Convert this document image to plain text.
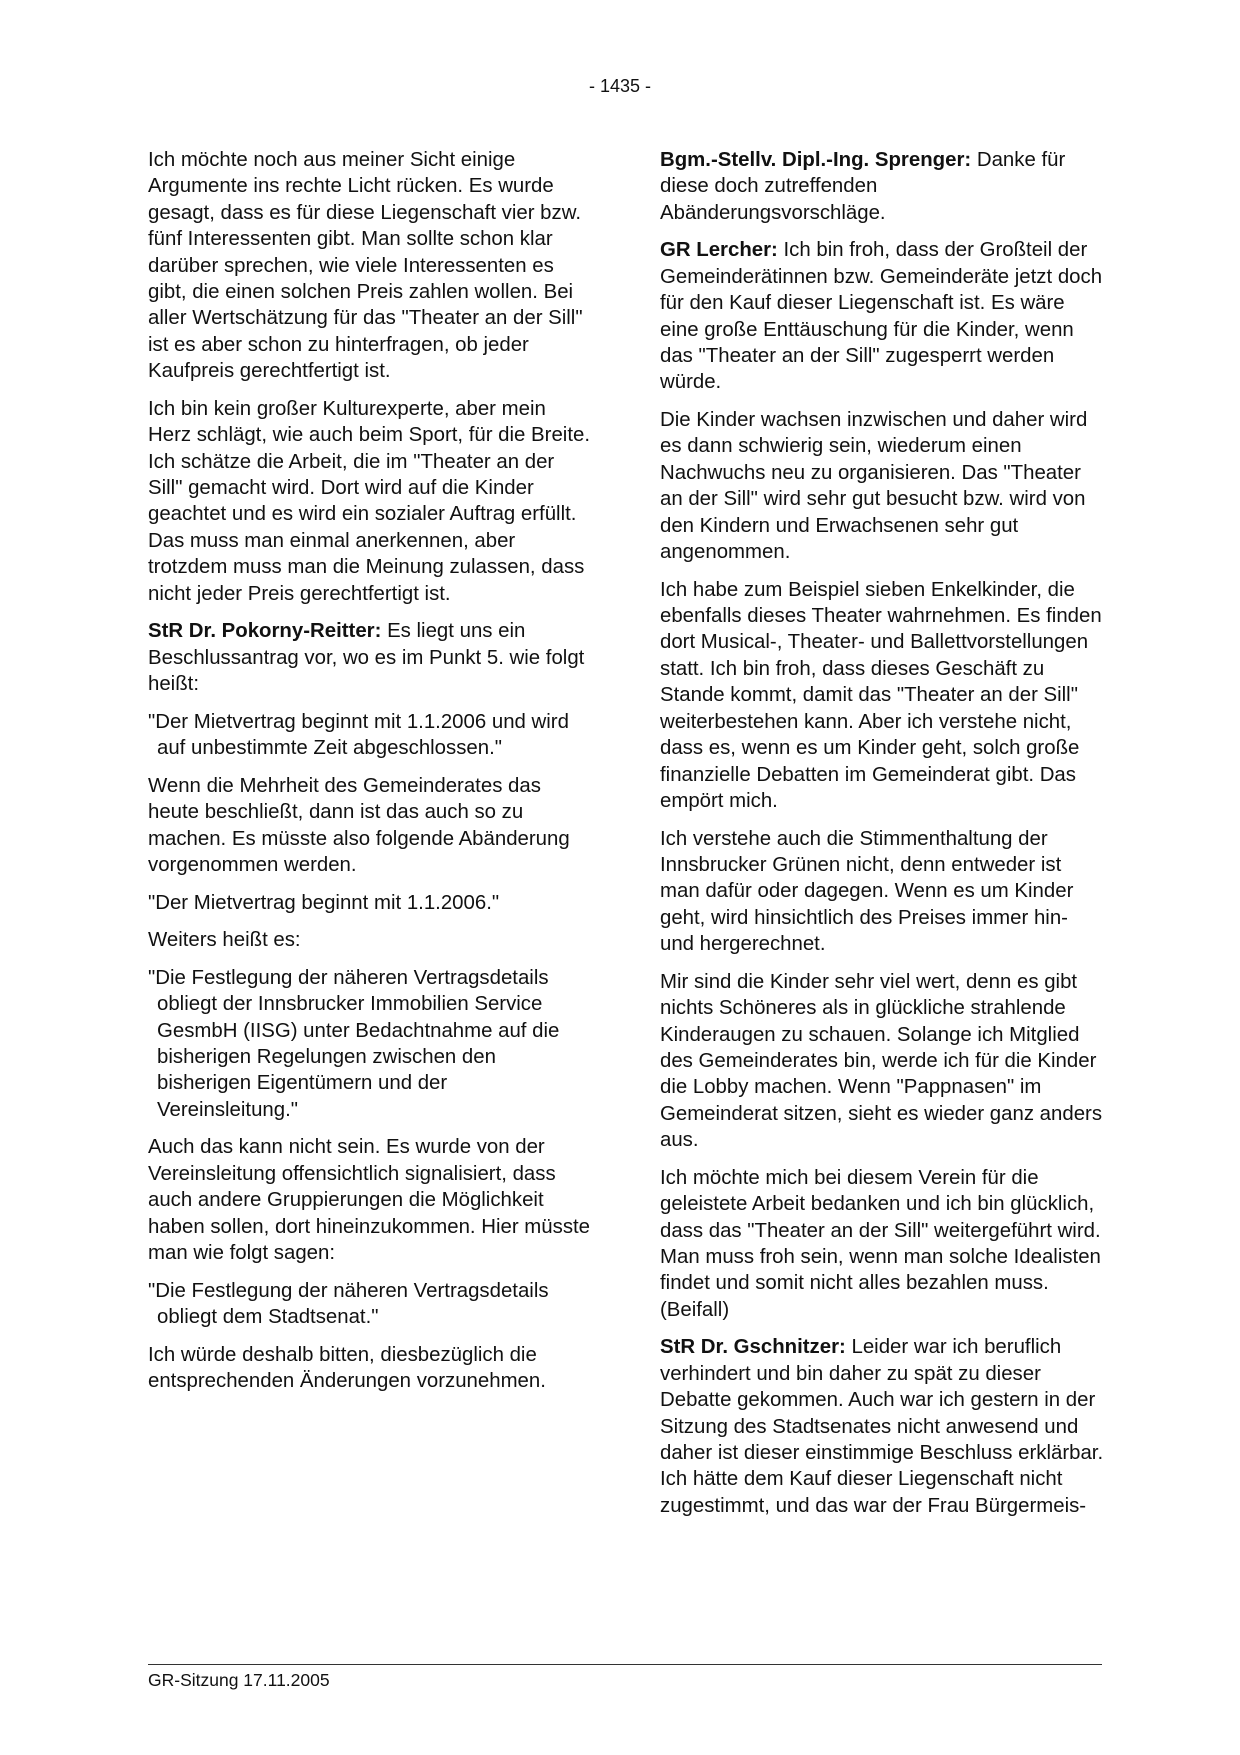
- 1435 -

Ich möchte noch aus meiner Sicht einige Argumente ins rechte Licht rücken. Es wurde gesagt, dass es für diese Liegenschaft vier bzw. fünf Interessenten gibt. Man sollte schon klar darüber sprechen, wie viele Interessenten es gibt, die einen solchen Preis zahlen wollen. Bei aller Wertschätzung für das "Theater an der Sill" ist es aber schon zu hinterfragen, ob jeder Kaufpreis gerechtfertigt ist.

Ich bin kein großer Kulturexperte, aber mein Herz schlägt, wie auch beim Sport, für die Breite. Ich schätze die Arbeit, die im "Theater an der Sill" gemacht wird. Dort wird auf die Kinder geachtet und es wird ein sozialer Auftrag erfüllt. Das muss man einmal anerkennen, aber trotzdem muss man die Meinung zulassen, dass nicht jeder Preis gerechtfertigt ist.

StR Dr. Pokorny-Reitter: Es liegt uns ein Beschlussantrag vor, wo es im Punkt 5. wie folgt heißt:

"Der Mietvertrag beginnt mit 1.1.2006 und wird auf unbestimmte Zeit abgeschlossen."

Wenn die Mehrheit des Gemeinderates das heute beschließt, dann ist das auch so zu machen. Es müsste also folgende Abänderung vorgenommen werden.

"Der Mietvertrag beginnt mit 1.1.2006."

Weiters heißt es:

"Die Festlegung der näheren Vertragsdetails obliegt der Innsbrucker Immobilien Service GesmbH (IISG) unter Bedachtnahme auf die bisherigen Regelungen zwischen den bisherigen Eigentümern und der Vereinsleitung."

Auch das kann nicht sein. Es wurde von der Vereinsleitung offensichtlich signalisiert, dass auch andere Gruppierungen die Möglichkeit haben sollen, dort hineinzukommen. Hier müsste man wie folgt sagen:

"Die Festlegung der näheren Vertragsdetails obliegt dem Stadtsenat."

Ich würde deshalb bitten, diesbezüglich die entsprechenden Änderungen vorzunehmen.

Bgm.-Stellv. Dipl.-Ing. Sprenger: Danke für diese doch zutreffenden Abänderungsvorschläge.

GR Lercher: Ich bin froh, dass der Großteil der Gemeinderätinnen bzw. Gemeinderäte jetzt doch für den Kauf dieser Liegenschaft ist. Es wäre eine große Enttäuschung für die Kinder, wenn das "Theater an der Sill" zugesperrt werden würde.

Die Kinder wachsen inzwischen und daher wird es dann schwierig sein, wiederum einen Nachwuchs neu zu organisieren. Das "Theater an der Sill" wird sehr gut besucht bzw. wird von den Kindern und Erwachsenen sehr gut angenommen.

Ich habe zum Beispiel sieben Enkelkinder, die ebenfalls dieses Theater wahrnehmen. Es finden dort Musical-, Theater- und Ballettvorstellungen statt. Ich bin froh, dass dieses Geschäft zu Stande kommt, damit das "Theater an der Sill" weiterbestehen kann. Aber ich verstehe nicht, dass es, wenn es um Kinder geht, solch große finanzielle Debatten im Gemeinderat gibt. Das empört mich.

Ich verstehe auch die Stimmenthaltung der Innsbrucker Grünen nicht, denn entweder ist man dafür oder dagegen. Wenn es um Kinder geht, wird hinsichtlich des Preises immer hin- und hergerechnet.

Mir sind die Kinder sehr viel wert, denn es gibt nichts Schöneres als in glückliche strahlende Kinderaugen zu schauen. Solange ich Mitglied des Gemeinderates bin, werde ich für die Kinder die Lobby machen. Wenn "Pappnasen" im Gemeinderat sitzen, sieht es wieder ganz anders aus.

Ich möchte mich bei diesem Verein für die geleistete Arbeit bedanken und ich bin glücklich, dass das "Theater an der Sill" weitergeführt wird. Man muss froh sein, wenn man solche Idealisten findet und somit nicht alles bezahlen muss. (Beifall)

StR Dr. Gschnitzer: Leider war ich beruflich verhindert und bin daher zu spät zu dieser Debatte gekommen. Auch war ich gestern in der Sitzung des Stadtsenates nicht anwesend und daher ist dieser einstimmige Beschluss erklärbar. Ich hätte dem Kauf dieser Liegenschaft nicht zugestimmt, und das war der Frau Bürgermeis-

GR-Sitzung 17.11.2005
